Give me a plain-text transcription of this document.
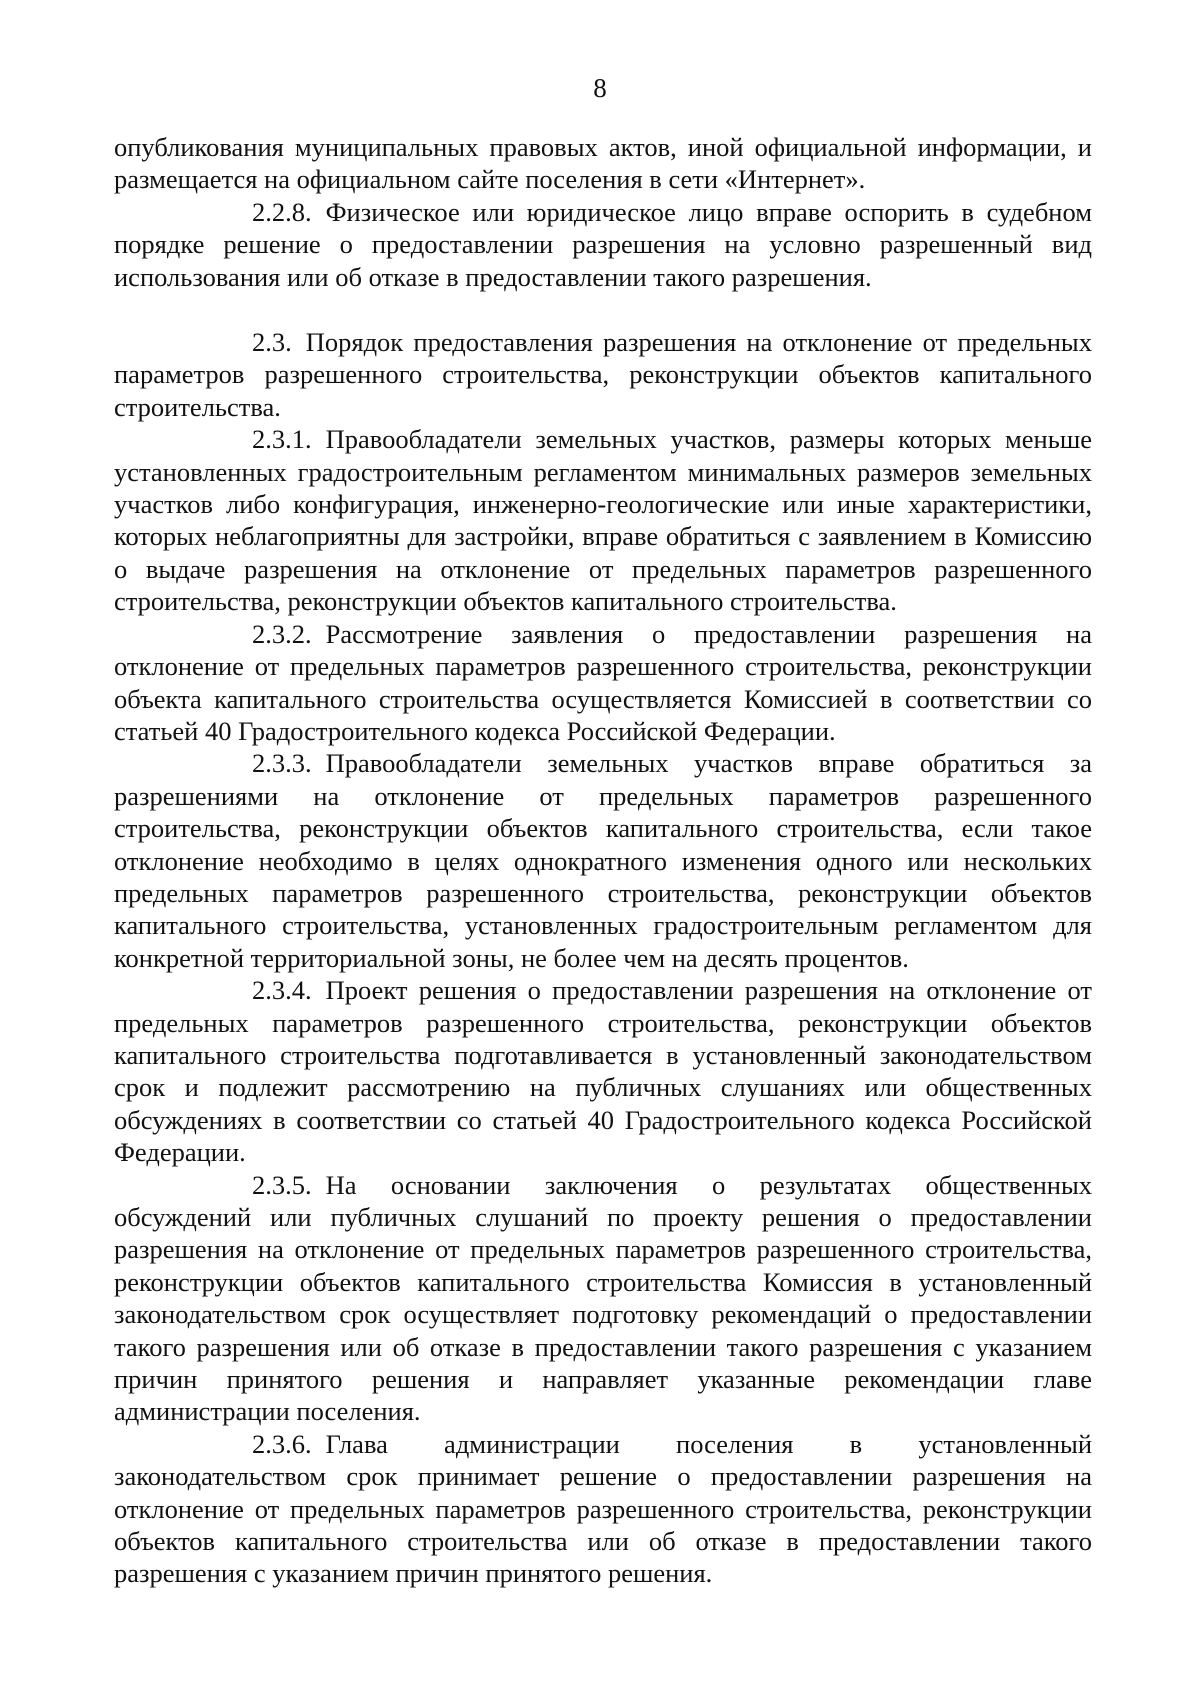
8

опубликования муниципальных правовых актов, иной официальной информации, и размещается на официальном сайте поселения в сети «Интернет».

2.2.8. Физическое или юридическое лицо вправе оспорить в судебном порядке решение о предоставлении разрешения на условно разрешенный вид использования или об отказе в предоставлении такого разрешения.

2.3. Порядок предоставления разрешения на отклонение от предельных параметров разрешенного строительства, реконструкции объектов капитального строительства.

2.3.1. Правообладатели земельных участков, размеры которых меньше установленных градостроительным регламентом минимальных размеров земельных участков либо конфигурация, инженерно-геологические или иные характеристики, которых неблагоприятны для застройки, вправе обратиться с заявлением в Комиссию о выдаче разрешения на отклонение от предельных параметров разрешенного строительства, реконструкции объектов капитального строительства.

2.3.2. Рассмотрение заявления о предоставлении разрешения на отклонение от предельных параметров разрешенного строительства, реконструкции объекта капитального строительства осуществляется Комиссией в соответствии со статьей 40 Градостроительного кодекса Российской Федерации.

2.3.3. Правообладатели земельных участков вправе обратиться за разрешениями на отклонение от предельных параметров разрешенного строительства, реконструкции объектов капитального строительства, если такое отклонение необходимо в целях однократного изменения одного или нескольких предельных параметров разрешенного строительства, реконструкции объектов капитального строительства, установленных градостроительным регламентом для конкретной территориальной зоны, не более чем на десять процентов.

2.3.4. Проект решения о предоставлении разрешения на отклонение от предельных параметров разрешенного строительства, реконструкции объектов капитального строительства подготавливается в установленный законодательством срок и подлежит рассмотрению на публичных слушаниях или общественных обсуждениях в соответствии со статьей 40 Градостроительного кодекса Российской Федерации.

2.3.5. На основании заключения о результатах общественных обсуждений или публичных слушаний по проекту решения о предоставлении разрешения на отклонение от предельных параметров разрешенного строительства, реконструкции объектов капитального строительства Комиссия в установленный законодательством срок осуществляет подготовку рекомендаций о предоставлении такого разрешения или об отказе в предоставлении такого разрешения с указанием причин принятого решения и направляет указанные рекомендации главе администрации поселения.

2.3.6. Глава администрации поселения в установленный законодательством срок принимает решение о предоставлении разрешения на отклонение от предельных параметров разрешенного строительства, реконструкции объектов капитального строительства или об отказе в предоставлении такого разрешения с указанием причин принятого решения.
